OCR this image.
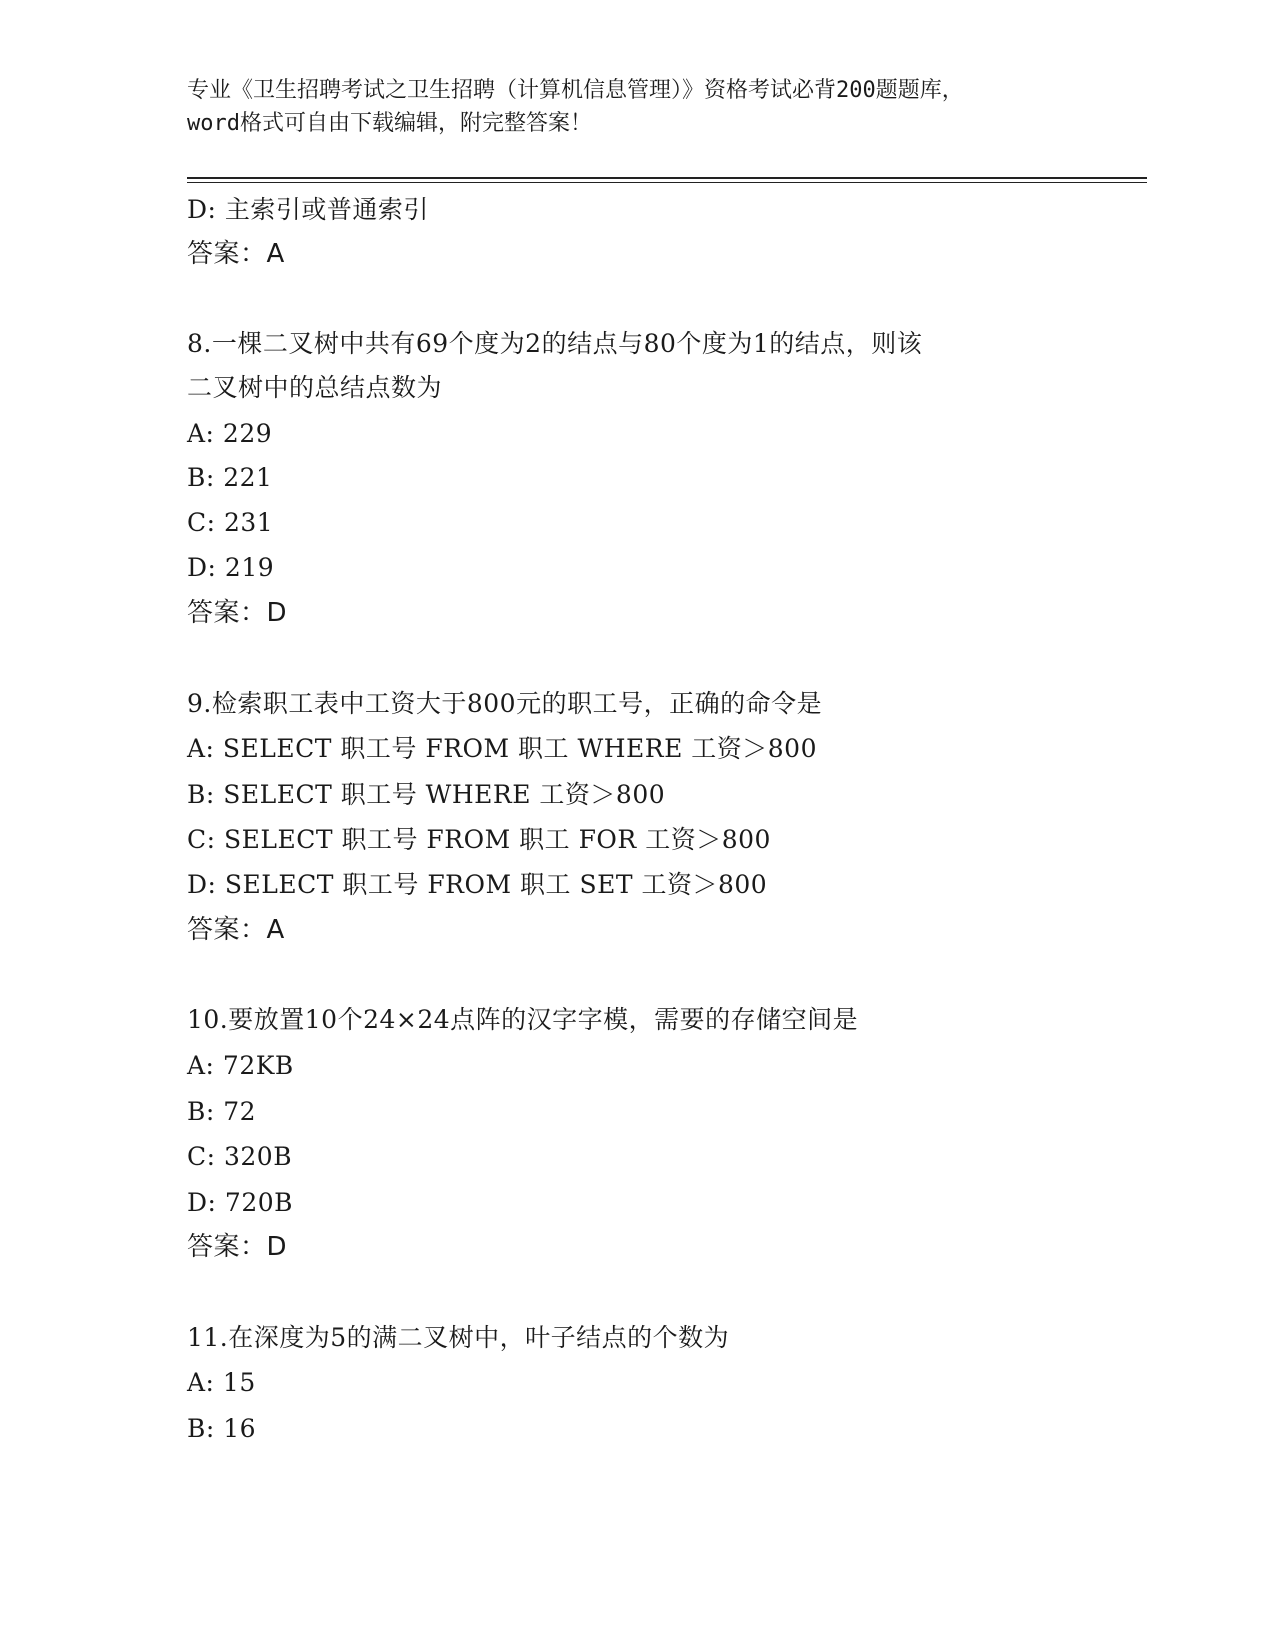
专业《卫生招聘考试之卫生招聘（计算机信息管理）》资格考试必背200题题库，
word格式可自由下载编辑，附完整答案！
D: 主索引或普通索引
答案：A
8.一棵二叉树中共有69个度为2的结点与80个度为1的结点，则该
二叉树中的总结点数为
A: 229
B: 221
C: 231
D: 219
答案：D
9.检索职工表中工资大于800元的职工号，正确的命令是
A: SELECT 职工号 FROM 职工 WHERE 工资＞800
B: SELECT 职工号 WHERE 工资＞800
C: SELECT 职工号 FROM 职工 FOR 工资＞800
D: SELECT 职工号 FROM 职工 SET 工资＞800
答案：A
10.要放置10个24×24点阵的汉字字模，需要的存储空间是
A: 72KB
B: 72
C: 320B
D: 720B
答案：D
11.在深度为5的满二叉树中，叶子结点的个数为
A: 15
B: 16
